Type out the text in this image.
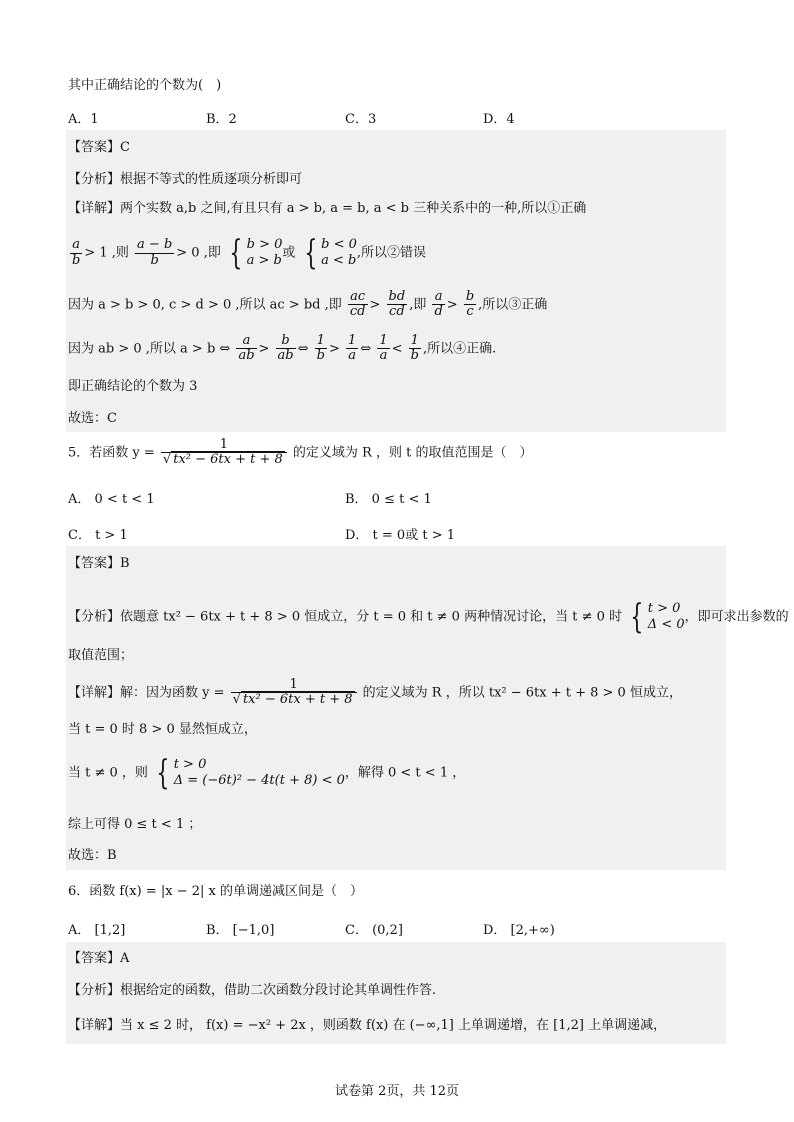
其中正确结论的个数为(　)
A．1	B．2	C．3	D．4
【答案】C
【分析】根据不等式的性质逐项分析即可
【详解】两个实数 a,b 之间,有且只有 a > b, a = b, a < b 三种关系中的一种,所以①正确
$\frac{a}{b} > 1$ ,则 $\frac{a - b}{b} > 0$ ,即 { b > 0
a > b或 { b < 0
a < b,所以②错误
因为 a > b > 0, c > d > 0 ,所以 ac > bd ,即 $\frac{ac}{cd} > \frac{bd}{cd}$ ,即 $\frac{a}{d} > \frac{b}{c}$ ,所以③正确
因为 ab > 0 ,所以 a > b ⇔ $\frac{a}{ab} > \frac{b}{ab}$ ⇔ $\frac{1}{b} > \frac{1}{a}$ ⇔ $\frac{1}{a} < \frac{1}{b}$ ,所以④正确.
即正确结论的个数为 3
故选：C
5．若函数 $y = \frac{1}{\text{√ tx² − 6tx + t + 8}}$ 的定义域为 R ，则 t 的取值范围是（　）
A． 0 < t < 1	B． 0 ≤ t < 1
C． t > 1	D． t = 0或 t > 1
【答案】B
【分析】依题意 tx² − 6tx + t + 8 > 0 恒成立，分 t = 0 和 t ≠ 0 两种情况讨论，当 t ≠ 0 时 { t > 0
Δ < 0，即可求出参数的
取值范围；
【详解】解：因为函数 $y = \frac{1}{\text{√ tx² − 6tx + t + 8}}$ 的定义域为 R ，所以 tx² − 6tx + t + 8 > 0 恒成立，
当 t = 0 时 8 > 0 显然恒成立，
当 t ≠ 0 ，则 { t > 0
Δ = (−6t)² − 4t(t + 8) < 0，解得 0 < t < 1 ，
综上可得 0 ≤ t < 1 ；
故选：B
6．函数 f(x) = |x − 2| x 的单调递减区间是（　）
A． [1,2]	B． [−1,0]	C． (0,2]	D． [2,+∞)
【答案】A
【分析】根据给定的函数，借助二次函数分段讨论其单调性作答.
【详解】当 x ≤ 2 时， f(x) = −x² + 2x ，则函数 f(x) 在 (−∞,1] 上单调递增，在 [1,2] 上单调递减，
试卷第 2页，共 12页
